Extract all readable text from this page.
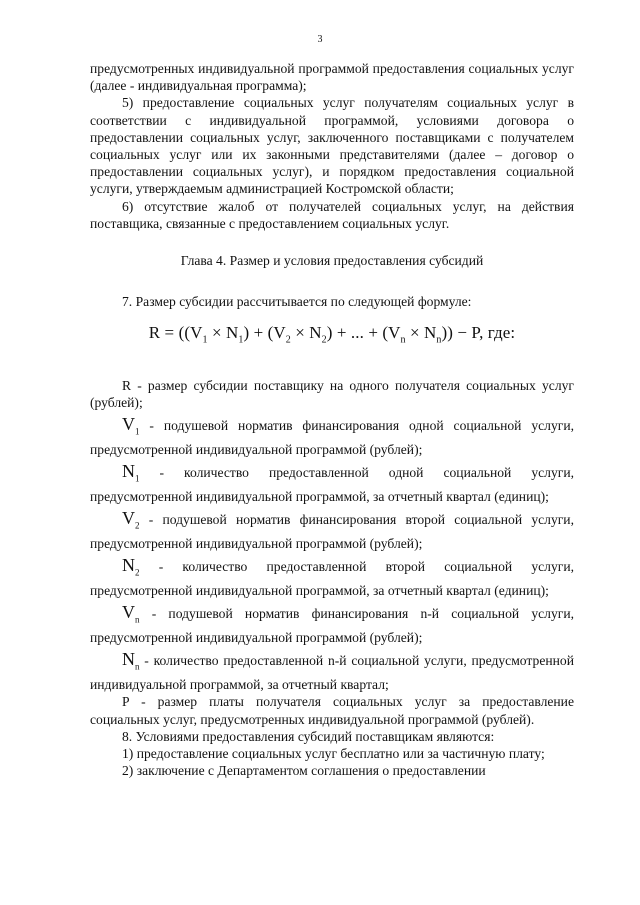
3

предусмотренных индивидуальной программой предоставления социальных услуг (далее - индивидуальная программа);

5) предоставление социальных услуг получателям социальных услуг в соответствии с индивидуальной программой, условиями договора о предоставлении социальных услуг, заключенного поставщиками с получателем социальных услуг или их законными представителями (далее – договор о предоставлении социальных услуг), и порядком предоставления социальной услуги, утверждаемым администрацией Костромской области;

6) отсутствие жалоб от получателей социальных услуг, на действия поставщика, связанные с предоставлением социальных услуг.

Глава 4. Размер и условия предоставления субсидий

7. Размер субсидии рассчитывается по следующей формуле:

$R = ((V_1 \times N_1) + (V_2 \times N_2)$ + ... + $(V_n \times N_n)) - P$, где:

R - размер субсидии поставщику на одного получателя социальных услуг (рублей);

$V_1$ - подушевой норматив финансирования одной социальной услуги, предусмотренной индивидуальной программой (рублей);

$N_1$ - количество предоставленной одной социальной услуги, предусмотренной индивидуальной программой, за отчетный квартал (единиц);

$V_2$ - подушевой норматив финансирования второй социальной услуги, предусмотренной индивидуальной программой (рублей);

$N_2$ - количество предоставленной второй социальной услуги, предусмотренной индивидуальной программой, за отчетный квартал (единиц);

$V_n$ - подушевой норматив финансирования n-й социальной услуги, предусмотренной индивидуальной программой (рублей);

$N_n$ - количество предоставленной n-й социальной услуги, предусмотренной индивидуальной программой, за отчетный квартал;

P - размер платы получателя социальных услуг за предоставление социальных услуг, предусмотренных индивидуальной программой (рублей).

8. Условиями предоставления субсидий поставщикам являются:

1) предоставление социальных услуг бесплатно или за частичную плату;

2) заключение с Департаментом соглашения о предоставлении
